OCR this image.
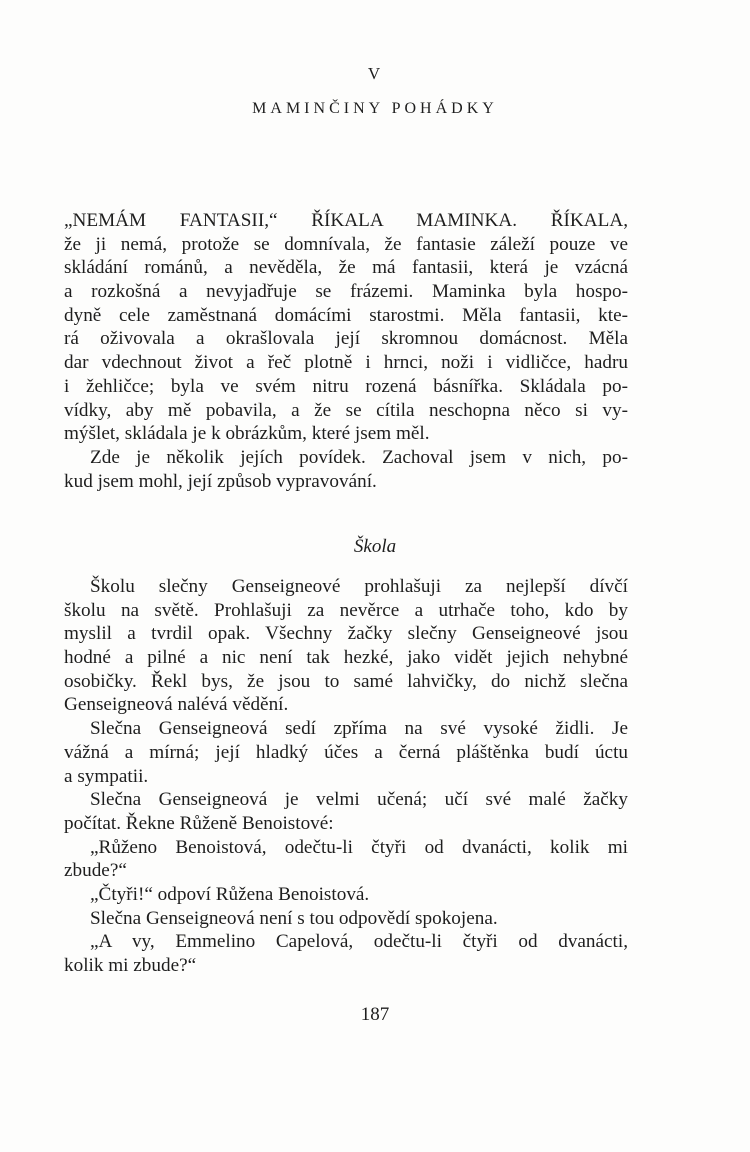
V
MAMINČINY POHÁDKY
„NEMÁM FANTASII,“ ŘÍKALA MAMINKA. ŘÍKALA,
že ji nemá, protože se domnívala, že fantasie záleží pouze ve
skládání románů, a nevěděla, že má fantasii, která je vzácná
a rozkošná a nevyjadřuje se frázemi. Maminka byla hospo-
dyně cele zaměstnaná domácími starostmi. Měla fantasii, kte-
rá oživovala a okrašlovala její skromnou domácnost. Měla
dar vdechnout život a řeč plotně i hrnci, noži i vidličce, hadru
i žehličce; byla ve svém nitru rozená básnířka. Skládala po-
vídky, aby mě pobavila, a že se cítila neschopna něco si vy-
mýšlet, skládala je k obrázkům, které jsem měl.
Zde je několik jejích povídek. Zachoval jsem v nich, po-
kud jsem mohl, její způsob vypravování.
Škola
Školu slečny Genseigneové prohlašuji za nejlepší dívčí
školu na světě. Prohlašuji za nevěrce a utrhače toho, kdo by
myslil a tvrdil opak. Všechny žačky slečny Genseigneové jsou
hodné a pilné a nic není tak hezké, jako vidět jejich nehybné
osobičky. Řekl bys, že jsou to samé lahvičky, do nichž slečna
Genseigneová nalévá vědění.
Slečna Genseigneová sedí zpříma na své vysoké židli. Je
vážná a mírná; její hladký účes a černá pláštěnka budí úctu
a sympatii.
Slečna Genseigneová je velmi učená; učí své malé žačky
počítat. Řekne Růženě Benoistové:
„Růženo Benoistová, odečtu-li čtyři od dvanácti, kolik mi
zbude?“
„Čtyři!“ odpoví Růžena Benoistová.
Slečna Genseigneová není s tou odpovědí spokojena.
„A vy, Emmelino Capelová, odečtu-li čtyři od dvanácti,
kolik mi zbude?“
187
